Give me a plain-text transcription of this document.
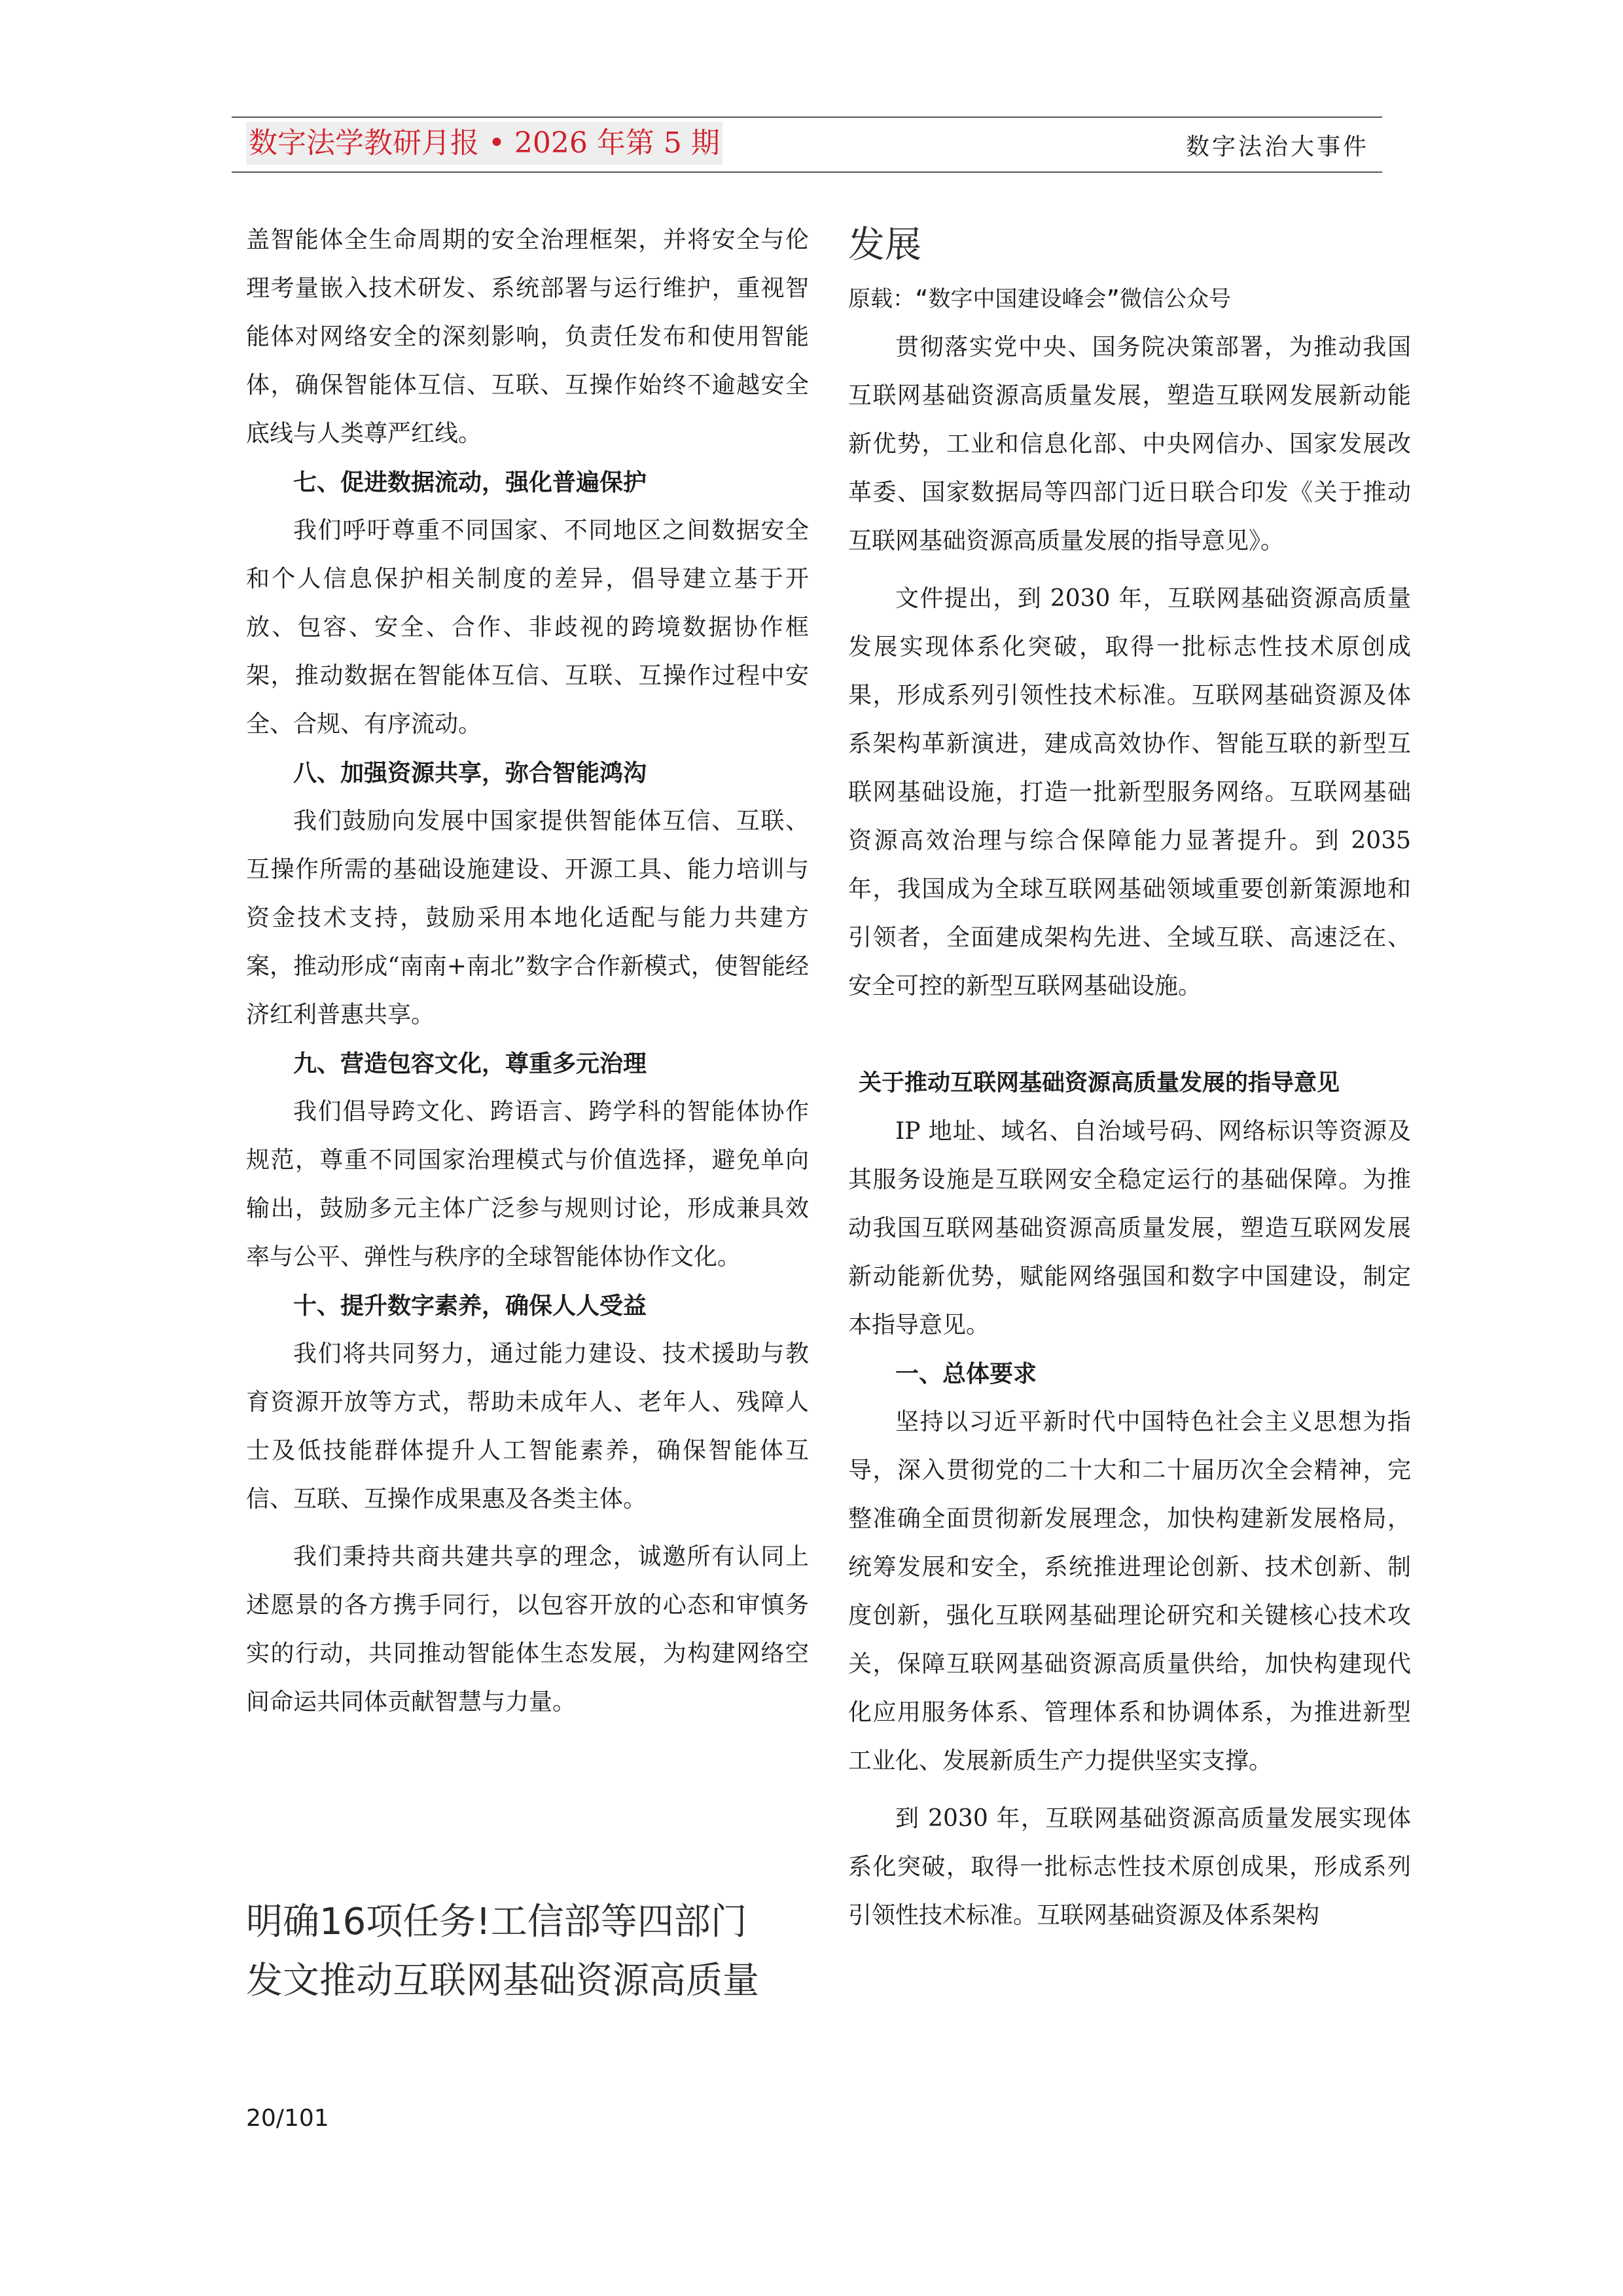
数字法学教研月报 • 2026 年第 5 期	数字法治大事件

盖智能体全生命周期的安全治理框架，并将安全与伦理考量嵌入技术研发、系统部署与运行维护，重视智能体对网络安全的深刻影响，负责任发布和使用智能体，确保智能体互信、互联、互操作始终不逾越安全底线与人类尊严红线。

七、促进数据流动，强化普遍保护

我们呼吁尊重不同国家、不同地区之间数据安全和个人信息保护相关制度的差异，倡导建立基于开放、包容、安全、合作、非歧视的跨境数据协作框架，推动数据在智能体互信、互联、互操作过程中安全、合规、有序流动。

八、加强资源共享，弥合智能鸿沟

我们鼓励向发展中国家提供智能体互信、互联、互操作所需的基础设施建设、开源工具、能力培训与资金技术支持，鼓励采用本地化适配与能力共建方案，推动形成“南南+南北”数字合作新模式，使智能经济红利普惠共享。

九、营造包容文化，尊重多元治理

我们倡导跨文化、跨语言、跨学科的智能体协作规范，尊重不同国家治理模式与价值选择，避免单向输出，鼓励多元主体广泛参与规则讨论，形成兼具效率与公平、弹性与秩序的全球智能体协作文化。

十、提升数字素养，确保人人受益

我们将共同努力，通过能力建设、技术援助与教育资源开放等方式，帮助未成年人、老年人、残障人士及低技能群体提升人工智能素养，确保智能体互信、互联、互操作成果惠及各类主体。

我们秉持共商共建共享的理念，诚邀所有认同上述愿景的各方携手同行，以包容开放的心态和审慎务实的行动，共同推动智能体生态发展，为构建网络空间命运共同体贡献智慧与力量。

明确16项任务!工信部等四部门

发文推动互联网基础资源高质量

发展

原载：“数字中国建设峰会”微信公众号

贯彻落实党中央、国务院决策部署，为推动我国互联网基础资源高质量发展，塑造互联网发展新动能新优势，工业和信息化部、中央网信办、国家发展改革委、国家数据局等四部门近日联合印发《关于推动互联网基础资源高质量发展的指导意见》。

文件提出，到 2030 年，互联网基础资源高质量发展实现体系化突破，取得一批标志性技术原创成果，形成系列引领性技术标准。互联网基础资源及体系架构革新演进，建成高效协作、智能互联的新型互联网基础设施，打造一批新型服务网络。互联网基础资源高效治理与综合保障能力显著提升。到 2035 年，我国成为全球互联网基础领域重要创新策源地和引领者，全面建成架构先进、全域互联、高速泛在、安全可控的新型互联网基础设施。

关于推动互联网基础资源高质量发展的指导意见

IP 地址、域名、自治域号码、网络标识等资源及其服务设施是互联网安全稳定运行的基础保障。为推动我国互联网基础资源高质量发展，塑造互联网发展新动能新优势，赋能网络强国和数字中国建设，制定本指导意见。

一、总体要求

坚持以习近平新时代中国特色社会主义思想为指导，深入贯彻党的二十大和二十届历次全会精神，完整准确全面贯彻新发展理念，加快构建新发展格局，统筹发展和安全，系统推进理论创新、技术创新、制度创新，强化互联网基础理论研究和关键核心技术攻关，保障互联网基础资源高质量供给，加快构建现代化应用服务体系、管理体系和协调体系，为推进新型工业化、发展新质生产力提供坚实支撑。

到 2030 年，互联网基础资源高质量发展实现体系化突破，取得一批标志性技术原创成果，形成系列引领性技术标准。互联网基础资源及体系架构

20/101
